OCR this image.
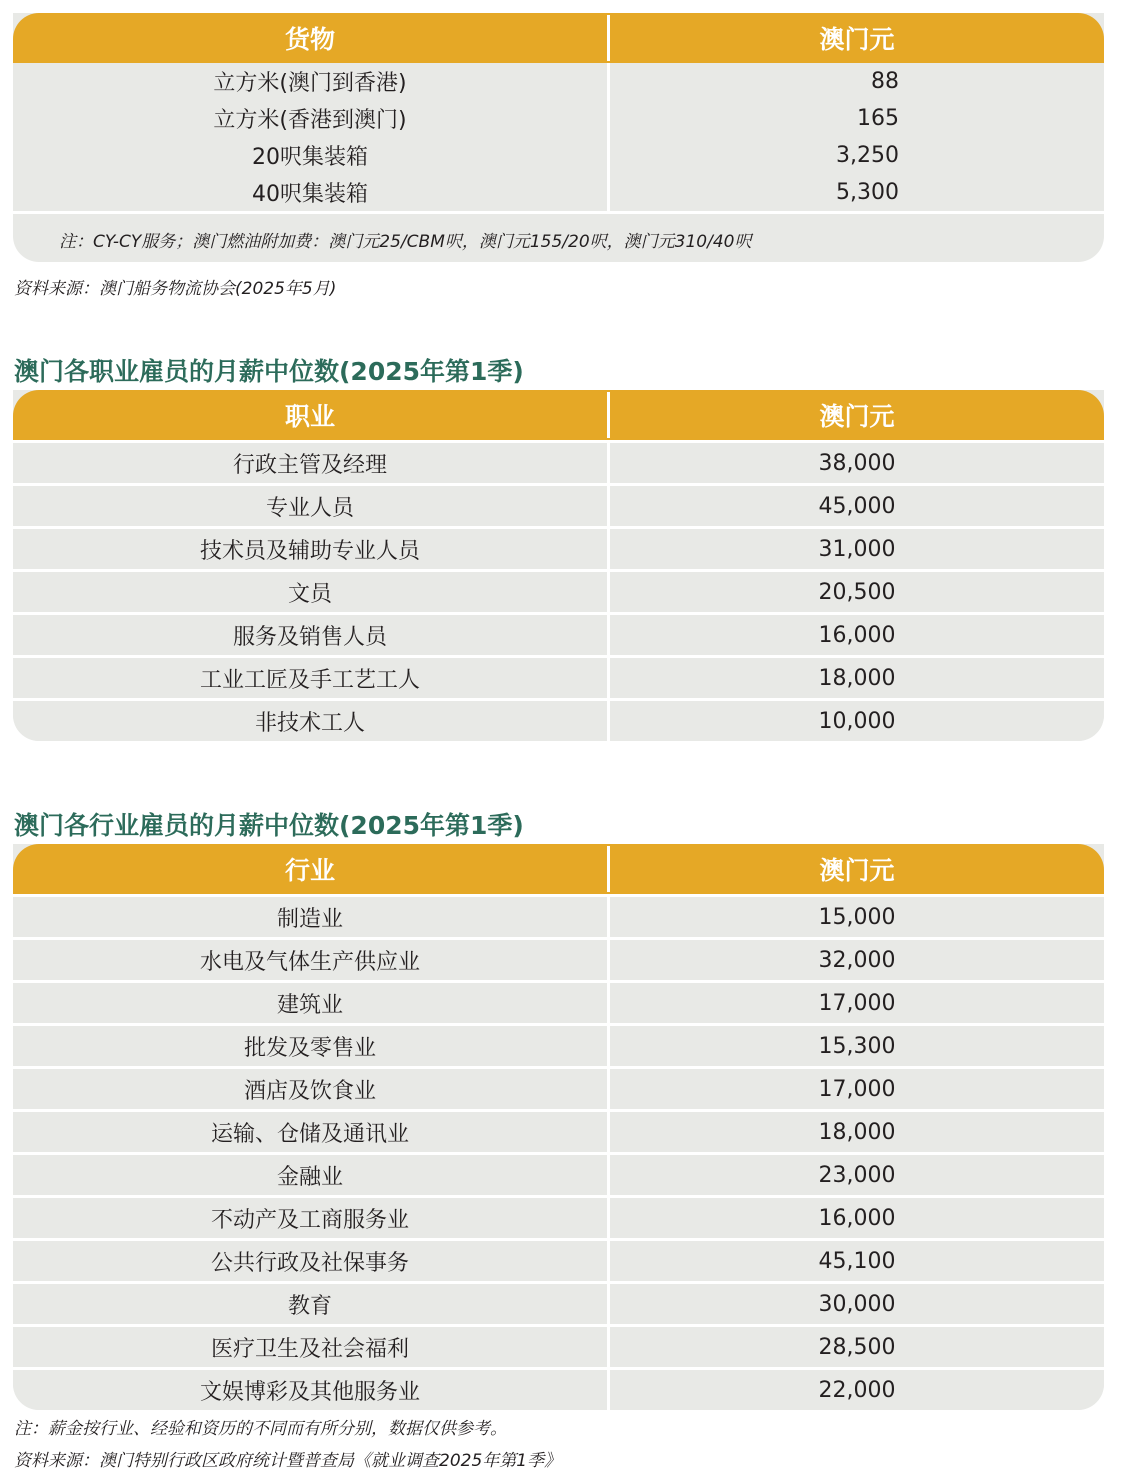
货物	澳门元
立方米(澳门到香港)	88
立方米(香港到澳门)	165
20呎集装箱	3,250
40呎集装箱	5,300
注：CY-CY服务；澳门燃油附加费：澳门元25/CBM呎，澳门元155/20呎，澳门元310/40呎
资料来源：澳门船务物流协会(2025年5月)
澳门各职业雇员的月薪中位数(2025年第1季)
职业	澳门元
行政主管及经理	38,000
专业人员	45,000
技术员及辅助专业人员	31,000
文员	20,500
服务及销售人员	16,000
工业工匠及手工艺工人	18,000
非技术工人	10,000
澳门各行业雇员的月薪中位数(2025年第1季)
行业	澳门元
制造业	15,000
水电及气体生产供应业	32,000
建筑业	17,000
批发及零售业	15,300
酒店及饮食业	17,000
运输、仓储及通讯业	18,000
金融业	23,000
不动产及工商服务业	16,000
公共行政及社保事务	45,100
教育	30,000
医疗卫生及社会福利	28,500
文娱博彩及其他服务业	22,000
注：薪金按行业、经验和资历的不同而有所分别，数据仅供参考。
资料来源：澳门特别行政区政府统计暨普查局《就业调查2025年第1季》
